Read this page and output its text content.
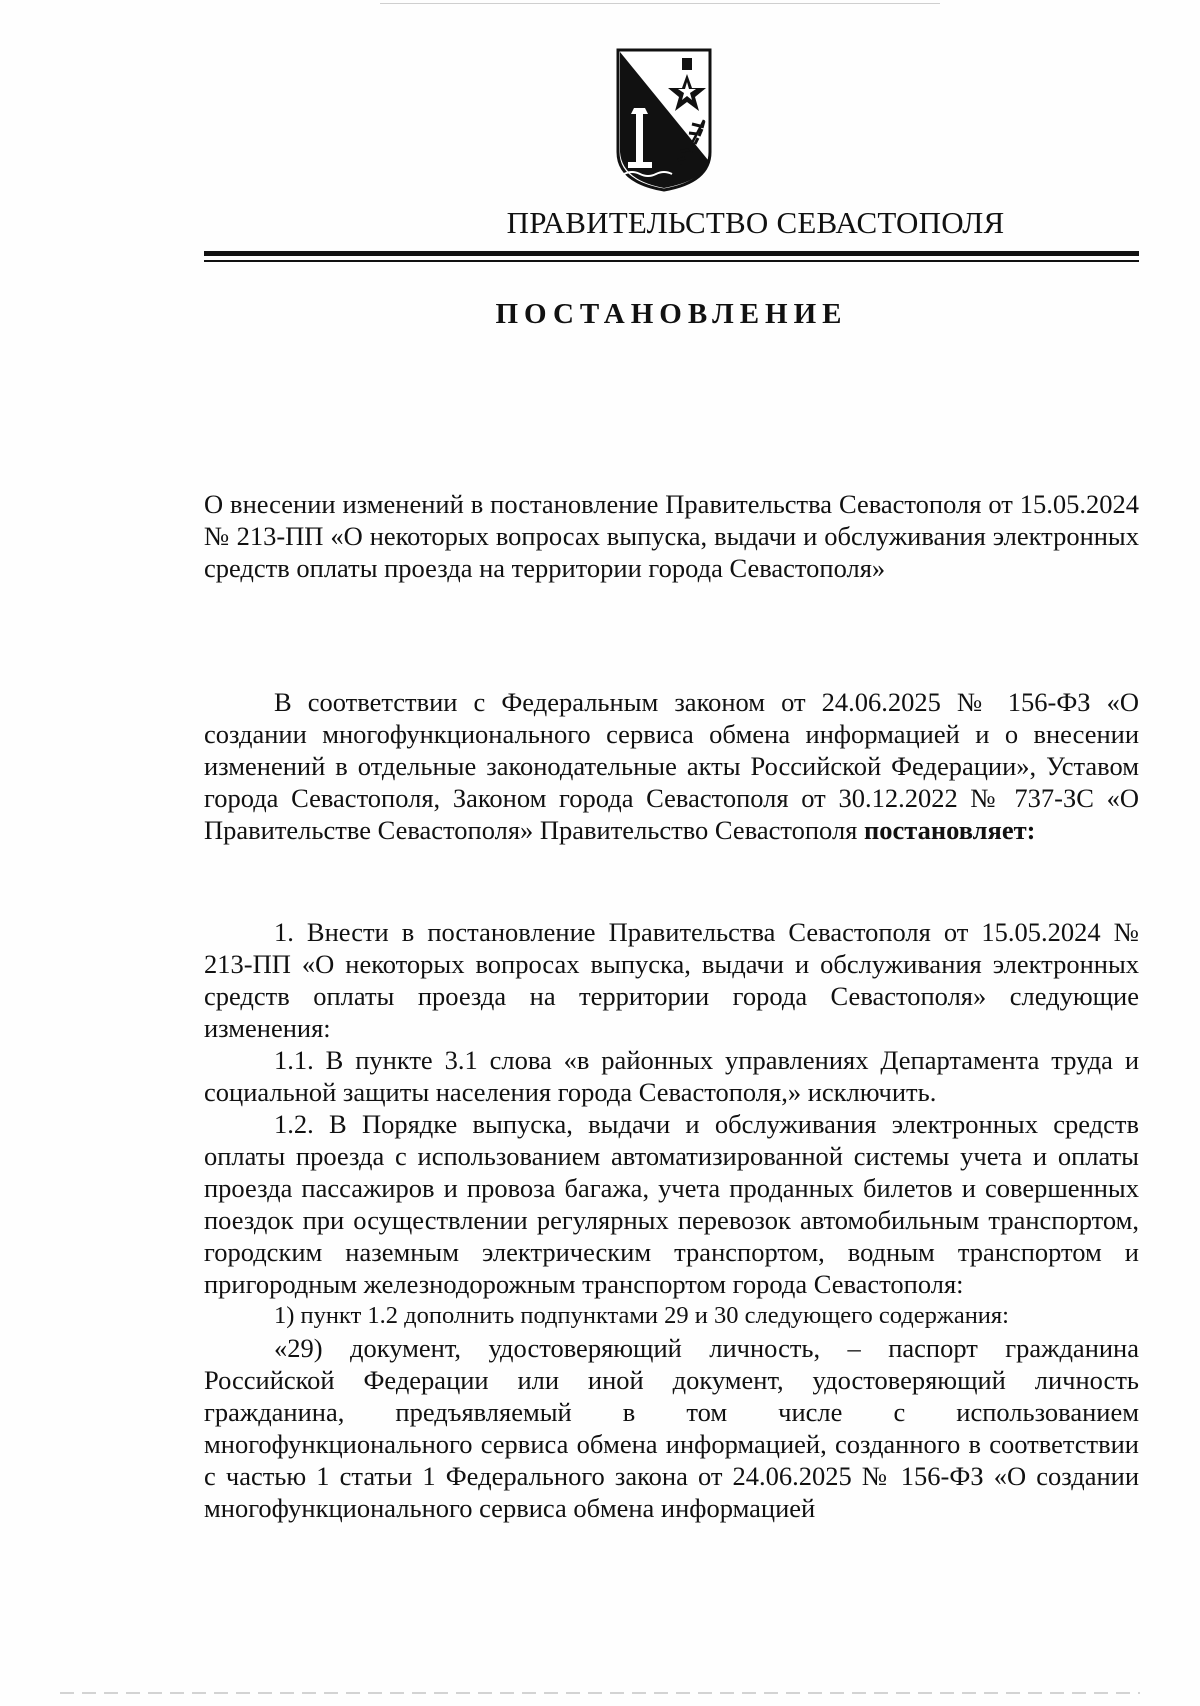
ПРАВИТЕЛЬСТВО СЕВАСТОПОЛЯ
ПОСТАНОВЛЕНИЕ
О внесении изменений в постановление Правительства Севастополя от 15.05.2024 № 213-ПП «О некоторых вопросах выпуска, выдачи и обслуживания электронных средств оплаты проезда на территории города Севастополя»
В соответствии с Федеральным законом от 24.06.2025 № 156-ФЗ «О создании многофункционального сервиса обмена информацией и о внесении изменений в отдельные законодательные акты Российской Федерации», Уставом города Севастополя, Законом города Севастополя от 30.12.2022 № 737-ЗС «О Правительстве Севастополя» Правительство Севастополя постановляет:

1. Внести в постановление Правительства Севастополя от 15.05.2024 № 213-ПП «О некоторых вопросах выпуска, выдачи и обслуживания электронных средств оплаты проезда на территории города Севастополя» следующие изменения:

1.1. В пункте 3.1 слова «в районных управлениях Департамента труда и социальной защиты населения города Севастополя,» исключить.

1.2. В Порядке выпуска, выдачи и обслуживания электронных средств оплаты проезда с использованием автоматизированной системы учета и оплаты проезда пассажиров и провоза багажа, учета проданных билетов и совершенных поездок при осуществлении регулярных перевозок автомобильным транспортом, городским наземным электрическим транспортом, водным транспортом и пригородным железнодорожным транспортом города Севастополя:

1) пункт 1.2 дополнить подпунктами 29 и 30 следующего содержания:

«29) документ, удостоверяющий личность, – паспорт гражданина Российской Федерации или иной документ, удостоверяющий личность гражданина, предъявляемый в том числе с использованием многофункционального сервиса обмена информацией, созданного в соответствии с частью 1 статьи 1 Федерального закона от 24.06.2025 № 156-ФЗ «О создании многофункционального сервиса обмена информацией
